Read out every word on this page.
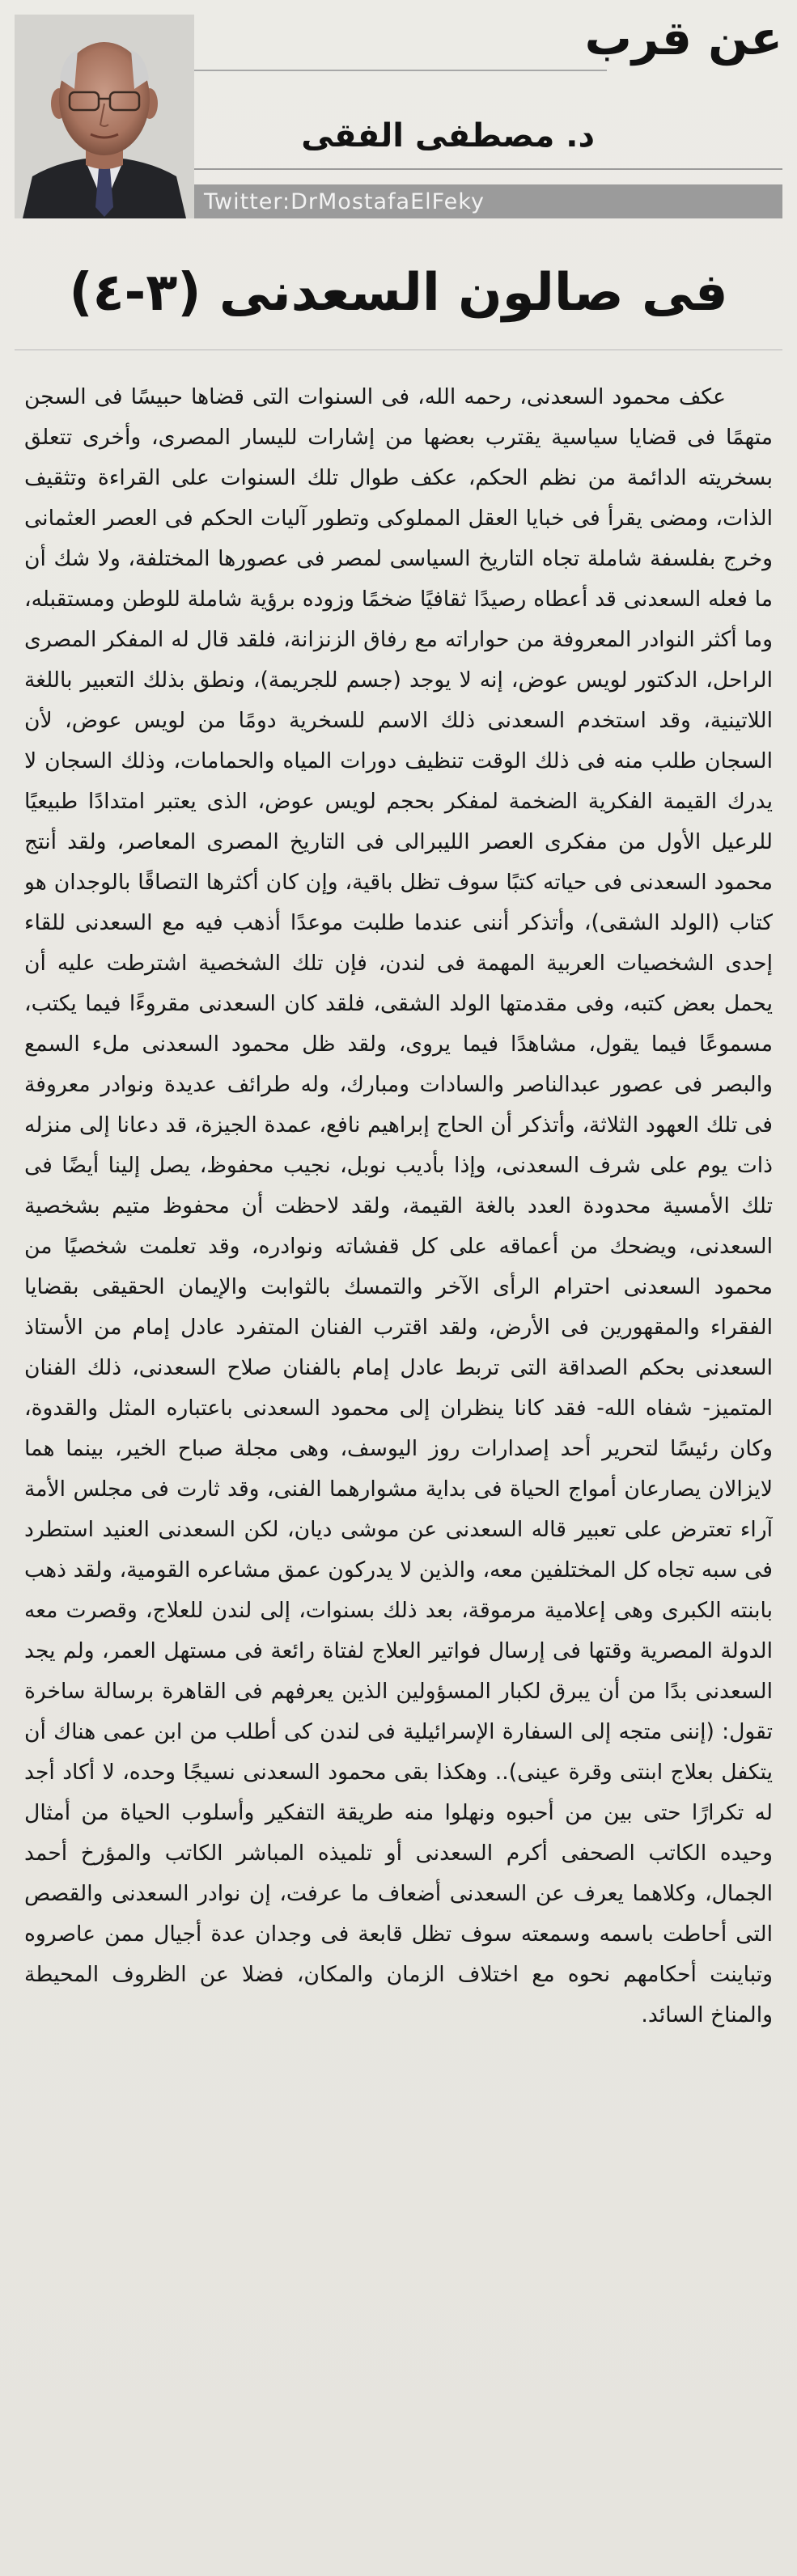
عن قرب
د. مصطفى الفقى
Twitter:DrMostafaElFeky
فى صالون السعدنى (٣-٤)

عكف محمود السعدنى، رحمه الله، فى السنوات التى قضاها حبيسًا فى السجن متهمًا فى قضايا سياسية يقترب بعضها من إشارات لليسار المصرى، وأخرى تتعلق بسخريته الدائمة من نظم الحكم، عكف طوال تلك السنوات على القراءة وتثقيف الذات، ومضى يقرأ فى خبايا العقل المملوكى وتطور آليات الحكم فى العصر العثمانى وخرج بفلسفة شاملة تجاه التاريخ السياسى لمصر فى عصورها المختلفة، ولا شك أن ما فعله السعدنى قد أعطاه رصيدًا ثقافيًا ضخمًا وزوده برؤية شاملة للوطن ومستقبله، وما أكثر النوادر المعروفة من حواراته مع رفاق الزنزانة، فلقد قال له المفكر المصرى الراحل، الدكتور لويس عوض، إنه لا يوجد (جسم للجريمة)، ونطق بذلك التعبير باللغة اللاتينية، وقد استخدم السعدنى ذلك الاسم للسخرية دومًا من لويس عوض، لأن السجان طلب منه فى ذلك الوقت تنظيف دورات المياه والحمامات، وذلك السجان لا يدرك القيمة الفكرية الضخمة لمفكر بحجم لويس عوض، الذى يعتبر امتدادًا طبيعيًا للرعيل الأول من مفكرى العصر الليبرالى فى التاريخ المصرى المعاصر، ولقد أنتج محمود السعدنى فى حياته كتبًا سوف تظل باقية، وإن كان أكثرها التصاقًا بالوجدان هو كتاب (الولد الشقى)، وأتذكر أننى عندما طلبت موعدًا أذهب فيه مع السعدنى للقاء إحدى الشخصيات العربية المهمة فى لندن، فإن تلك الشخصية اشترطت عليه أن يحمل بعض كتبه، وفى مقدمتها الولد الشقى، فلقد كان السعدنى مقروءًا فيما يكتب، مسموعًا فيما يقول، مشاهدًا فيما يروى، ولقد ظل محمود السعدنى ملء السمع والبصر فى عصور عبدالناصر والسادات ومبارك، وله طرائف عديدة ونوادر معروفة فى تلك العهود الثلاثة، وأتذكر أن الحاج إبراهيم نافع، عمدة الجيزة، قد دعانا إلى منزله ذات يوم على شرف السعدنى، وإذا بأديب نوبل، نجيب محفوظ، يصل إلينا أيضًا فى تلك الأمسية محدودة العدد بالغة القيمة، ولقد لاحظت أن محفوظ متيم بشخصية السعدنى، ويضحك من أعماقه على كل قفشاته ونوادره، وقد تعلمت شخصيًا من محمود السعدنى احترام الرأى الآخر والتمسك بالثوابت والإيمان الحقيقى بقضايا الفقراء والمقهورين فى الأرض، ولقد اقترب الفنان المتفرد عادل إمام من الأستاذ السعدنى بحكم الصداقة التى تربط عادل إمام بالفنان صلاح السعدنى، ذلك الفنان المتميز- شفاه الله- فقد كانا ينظران إلى محمود السعدنى باعتباره المثل والقدوة، وكان رئيسًا لتحرير أحد إصدارات روز اليوسف، وهى مجلة صباح الخير، بينما هما لايزالان يصارعان أمواج الحياة فى بداية مشوارهما الفنى، وقد ثارت فى مجلس الأمة آراء تعترض على تعبير قاله السعدنى عن موشى ديان، لكن السعدنى العنيد استطرد فى سبه تجاه كل المختلفين معه، والذين لا يدركون عمق مشاعره القومية، ولقد ذهب بابنته الكبرى وهى إعلامية مرموقة، بعد ذلك بسنوات، إلى لندن للعلاج، وقصرت معه الدولة المصرية وقتها فى إرسال فواتير العلاج لفتاة رائعة فى مستهل العمر، ولم يجد السعدنى بدًا من أن يبرق لكبار المسؤولين الذين يعرفهم فى القاهرة برسالة ساخرة تقول: (إننى متجه إلى السفارة الإسرائيلية فى لندن كى أطلب من ابن عمى هناك أن يتكفل بعلاج ابنتى وقرة عينى).. وهكذا بقى محمود السعدنى نسيجًا وحده، لا أكاد أجد له تكرارًا حتى بين من أحبوه ونهلوا منه طريقة التفكير وأسلوب الحياة من أمثال وحيده الكاتب الصحفى أكرم السعدنى أو تلميذه المباشر الكاتب والمؤرخ أحمد الجمال، وكلاهما يعرف عن السعدنى أضعاف ما عرفت، إن نوادر السعدنى والقصص التى أحاطت باسمه وسمعته سوف تظل قابعة فى وجدان عدة أجيال ممن عاصروه وتباينت أحكامهم نحوه مع اختلاف الزمان والمكان، فضلا عن الظروف المحيطة والمناخ السائد.
